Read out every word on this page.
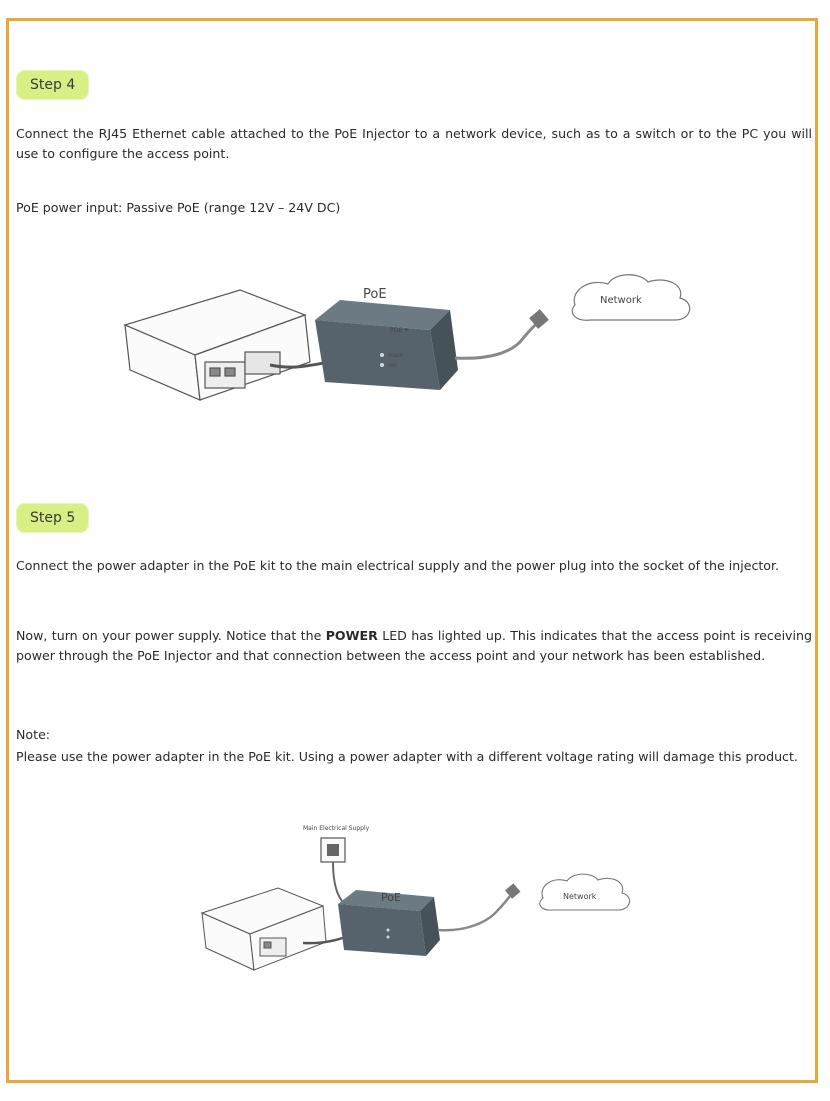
Step 4
Connect the RJ45 Ethernet cable attached to the PoE Injector to a network device, such as to a switch or to the PC you will use to configure the access point.
PoE power input: Passive PoE (range 12V – 24V DC)
POE +
POWER
LINK
PoE	Network
Step 5
Connect the power adapter in the PoE kit to the main electrical supply and the power plug into the socket of the injector.
Now, turn on your power supply. Notice that the POWER LED has lighted up. This indicates that the access point is receiving power through the PoE Injector and that connection between the access point and your network has been established.
Note:
Please use the power adapter in the PoE kit. Using a power adapter with a different voltage rating will damage this product.
Main Electrical Supply
PoE	Network
